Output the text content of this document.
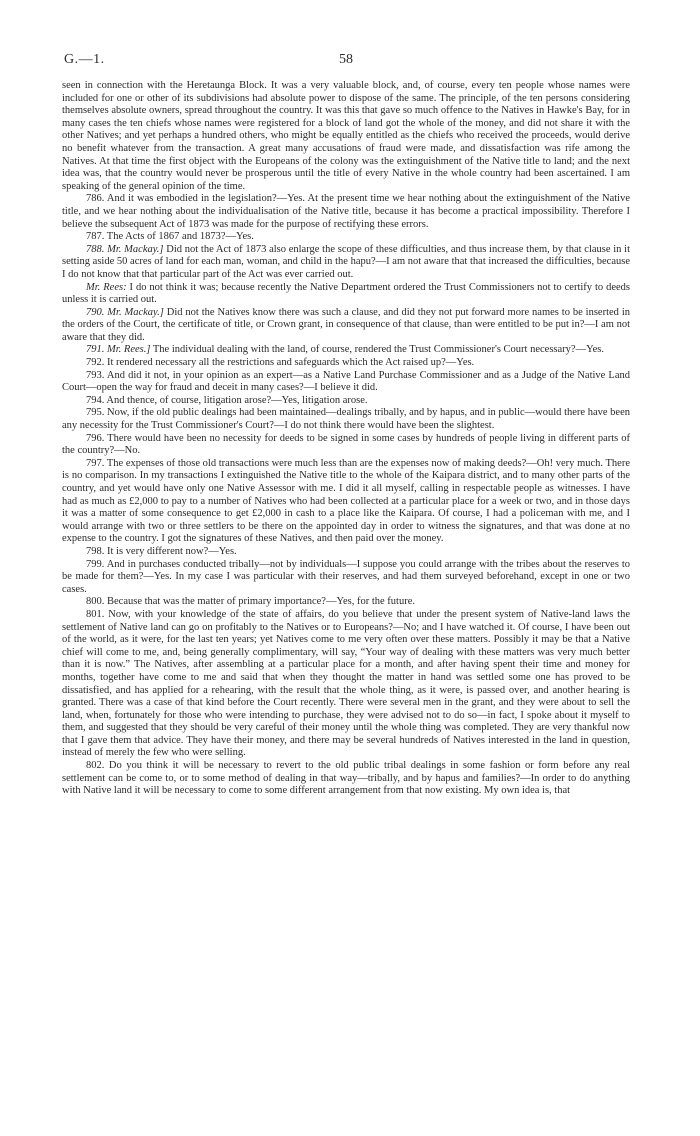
G.—1.	58

seen in connection with the Heretaunga Block. It was a very valuable block, and, of course, every ten people whose names were included for one or other of its subdivisions had absolute power to dispose of the same. The principle, of the ten persons considering themselves absolute owners, spread throughout the country. It was this that gave so much offence to the Natives in Hawke's Bay, for in many cases the ten chiefs whose names were registered for a block of land got the whole of the money, and did not share it with the other Natives; and yet perhaps a hundred others, who might be equally entitled as the chiefs who received the proceeds, would derive no benefit whatever from the transaction. A great many accusations of fraud were made, and dissatisfaction was rife among the Natives. At that time the first object with the Europeans of the colony was the extinguishment of the Native title to land; and the next idea was, that the country would never be prosperous until the title of every Native in the whole country had been ascertained. I am speaking of the general opinion of the time.

786. And it was embodied in the legislation?—Yes. At the present time we hear nothing about the extinguishment of the Native title, and we hear nothing about the individualisation of the Native title, because it has become a practical impossibility. Therefore I believe the subsequent Act of 1873 was made for the purpose of rectifying these errors.

787. The Acts of 1867 and 1873?—Yes.

788. Mr. Mackay.] Did not the Act of 1873 also enlarge the scope of these difficulties, and thus increase them, by that clause in it setting aside 50 acres of land for each man, woman, and child in the hapu?—I am not aware that that increased the difficulties, because I do not know that that particular part of the Act was ever carried out.

Mr. Rees: I do not think it was; because recently the Native Department ordered the Trust Commissioners not to certify to deeds unless it is carried out.

790. Mr. Mackay.] Did not the Natives know there was such a clause, and did they not put forward more names to be inserted in the orders of the Court, the certificate of title, or Crown grant, in consequence of that clause, than were entitled to be put in?—I am not aware that they did.

791. Mr. Rees.] The individual dealing with the land, of course, rendered the Trust Commissioner's Court necessary?—Yes.

792. It rendered necessary all the restrictions and safeguards which the Act raised up?—Yes.

793. And did it not, in your opinion as an expert—as a Native Land Purchase Commissioner and as a Judge of the Native Land Court—open the way for fraud and deceit in many cases?—I believe it did.

794. And thence, of course, litigation arose?—Yes, litigation arose.

795. Now, if the old public dealings had been maintained—dealings tribally, and by hapus, and in public—would there have been any necessity for the Trust Commissioner's Court?—I do not think there would have been the slightest.

796. There would have been no necessity for deeds to be signed in some cases by hundreds of people living in different parts of the country?—No.

797. The expenses of those old transactions were much less than are the expenses now of making deeds?—Oh! very much. There is no comparison. In my transactions I extinguished the Native title to the whole of the Kaipara district, and to many other parts of the country, and yet would have only one Native Assessor with me. I did it all myself, calling in respectable people as witnesses. I have had as much as £2,000 to pay to a number of Natives who had been collected at a particular place for a week or two, and in those days it was a matter of some consequence to get £2,000 in cash to a place like the Kaipara. Of course, I had a policeman with me, and I would arrange with two or three settlers to be there on the appointed day in order to witness the signatures, and that was done at no expense to the country. I got the signatures of these Natives, and then paid over the money.

798. It is very different now?—Yes.

799. And in purchases conducted tribally—not by individuals—I suppose you could arrange with the tribes about the reserves to be made for them?—Yes. In my case I was particular with their reserves, and had them surveyed beforehand, except in one or two cases.

800. Because that was the matter of primary importance?—Yes, for the future.

801. Now, with your knowledge of the state of affairs, do you believe that under the present system of Native-land laws the settlement of Native land can go on profitably to the Natives or to Europeans?—No; and I have watched it. Of course, I have been out of the world, as it were, for the last ten years; yet Natives come to me very often over these matters. Possibly it may be that a Native chief will come to me, and, being generally complimentary, will say, “Your way of dealing with these matters was very much better than it is now.” The Natives, after assembling at a particular place for a month, and after having spent their time and money for months, together have come to me and said that when they thought the matter in hand was settled some one has proved to be dissatisfied, and has applied for a rehearing, with the result that the whole thing, as it were, is passed over, and another hearing is granted. There was a case of that kind before the Court recently. There were several men in the grant, and they were about to sell the land, when, fortunately for those who were intending to purchase, they were advised not to do so—in fact, I spoke about it myself to them, and suggested that they should be very careful of their money until the whole thing was completed. They are very thankful now that I gave them that advice. They have their money, and there may be several hundreds of Natives interested in the land in question, instead of merely the few who were selling.

802. Do you think it will be necessary to revert to the old public tribal dealings in some fashion or form before any real settlement can be come to, or to some method of dealing in that way—tribally, and by hapus and families?—In order to do anything with Native land it will be necessary to come to some different arrangement from that now existing. My own idea is, that
